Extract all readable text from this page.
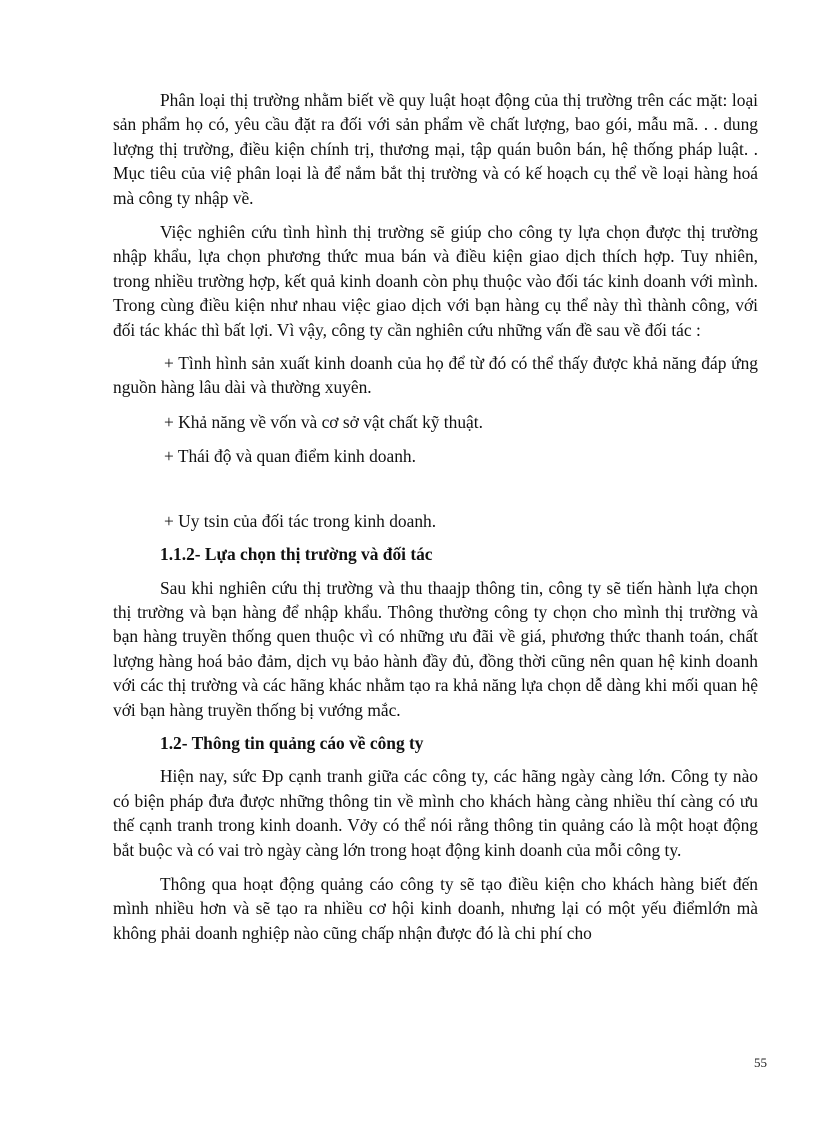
Phân loại thị trường nhằm biết về quy luật hoạt động của thị trường trên các mặt: loại sản phẩm họ có, yêu cầu đặt ra đối với sản phẩm về chất lượng, bao gói, mẫu mã. . . dung lượng thị trường, điều kiện chính trị, thương mại, tập quán buôn bán, hệ thống pháp luật. . Mục tiêu của việ phân loại là để nắm bắt thị trường và có kế hoạch cụ thể về loại hàng hoá mà công ty nhập về.

Việc nghiên cứu tình hình thị trường sẽ giúp cho công ty lựa chọn được thị trường nhập khẩu, lựa chọn phương thức mua bán và điều kiện giao dịch thích hợp. Tuy nhiên, trong nhiều trường hợp, kết quả kinh doanh còn phụ thuộc vào đối tác kinh doanh với mình. Trong cùng điều kiện như nhau việc giao dịch với bạn hàng cụ thể này thì thành công, với đối tác khác thì bất lợi. Vì vậy, công ty cần nghiên cứu những vấn đề sau về đối tác :

+ Tình hình sản xuất kinh doanh của họ để từ đó có thể thấy được khả năng đáp ứng nguồn hàng lâu dài và thường xuyên.

+ Khả năng về vốn và cơ sở vật chất kỹ thuật.

+ Thái độ và quan điểm kinh doanh.

+ Uy tsin của đối tác trong kinh doanh.

1.1.2- Lựa chọn thị trường và đối tác

Sau khi nghiên cứu thị trường và thu thaajp thông tin, công ty sẽ tiến hành lựa chọn thị trường và bạn hàng để nhập khẩu. Thông thường công ty chọn cho mình thị trường và bạn hàng truyền thống quen thuộc vì có những ưu đãi về giá, phương thức thanh toán, chất lượng hàng hoá bảo đảm, dịch vụ bảo hành đầy đủ, đồng thời cũng nên quan hệ kinh doanh với các thị trường và các hãng khác nhằm tạo ra khả năng lựa chọn dễ dàng khi mối quan hệ với bạn hàng truyền thống bị vướng mắc.

1.2- Thông tin quảng cáo về công ty

Hiện nay, sức Đp cạnh tranh giữa các công ty, các hãng ngày càng lớn. Công ty nào có biện pháp đưa được những thông tin về mình cho khách hàng càng nhiều thí càng có ưu thế cạnh tranh trong kinh doanh. Vởy có thể nói rằng thông tin quảng cáo là một hoạt động bắt buộc và có vai trò ngày càng lớn trong hoạt động kinh doanh của mỗi công ty.

Thông qua hoạt động quảng cáo công ty sẽ tạo điều kiện cho khách hàng biết đến mình nhiều hơn và sẽ tạo ra nhiều cơ hội kinh doanh, nhưng lại có một yếu điểmlớn mà không phải doanh nghiệp nào cũng chấp nhận được đó là chi phí cho

55
